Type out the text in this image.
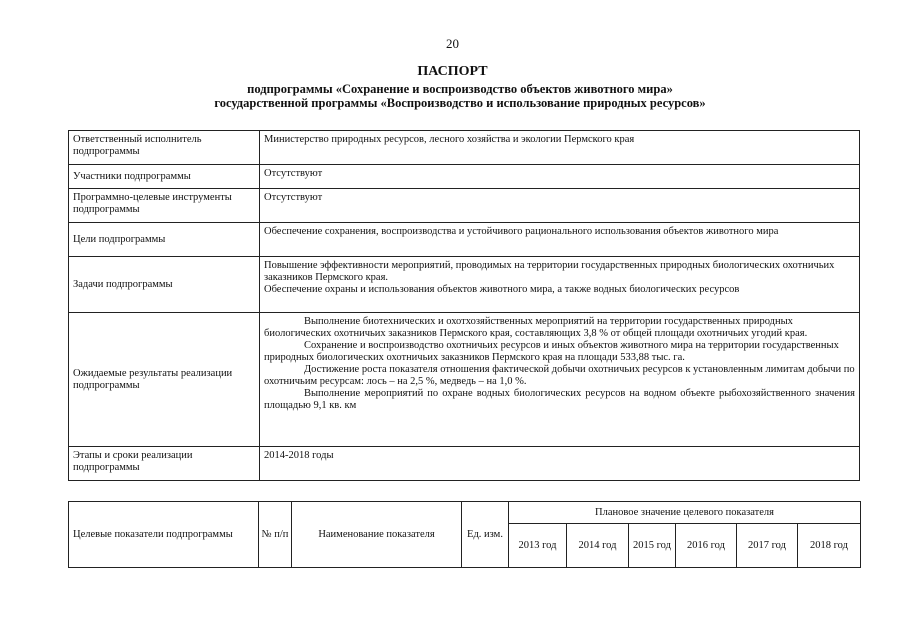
20
ПАСПОРТ
подпрограммы «Сохранение и воспроизводство объектов животного мира»
государственной программы «Воспроизводство и использование природных ресурсов»
Ответственный исполнитель подпрограммы	Министерство природных ресурсов, лесного хозяйства и экологии Пермского края
Участники подпрограммы	Отсутствуют
Программно-целевые инструменты подпрограммы	Отсутствуют
Цели подпрограммы	Обеспечение сохранения, воспроизводства и устойчивого рационального использования объектов животного мира
Задачи подпрограммы	Повышение эффективности мероприятий, проводимых на территории государственных природных биологических охотничьих заказников Пермского края.
Обеспечение охраны и использования объектов животного мира, а также водных биологических ресурсов

Ожидаемые результаты реализации подпрограммы	Выполнение биотехнических и охотхозяйственных мероприятий на территории государственных природных биологических охотничьих заказников Пермского края, составляющих 3,8 % от общей площади охотничьих угодий края.
Сохранение и воспроизводство охотничьих ресурсов и иных объектов животного мира на территории государственных природных биологических охотничьих заказников Пермского края на площади 533,88 тыс. га.
Достижение роста показателя отношения фактической добычи охотничьих ресурсов к установленным лимитам добычи по охотничьим ресурсам: лось – на 2,5 %, медведь – на 1,0 %.
Выполнение мероприятий по охране водных биологических ресурсов на водном объекте рыбохозяйственного значения площадью 9,1 кв. км

Этапы и сроки реализации подпрограммы	2014-2018 годы
Целевые показатели подпрограммы	№ п/п	Наименование показателя	Ед. изм.	Плановое значение целевого показателя					
				2013 год	2014 год	2015 год	2016 год	2017 год	2018 год
